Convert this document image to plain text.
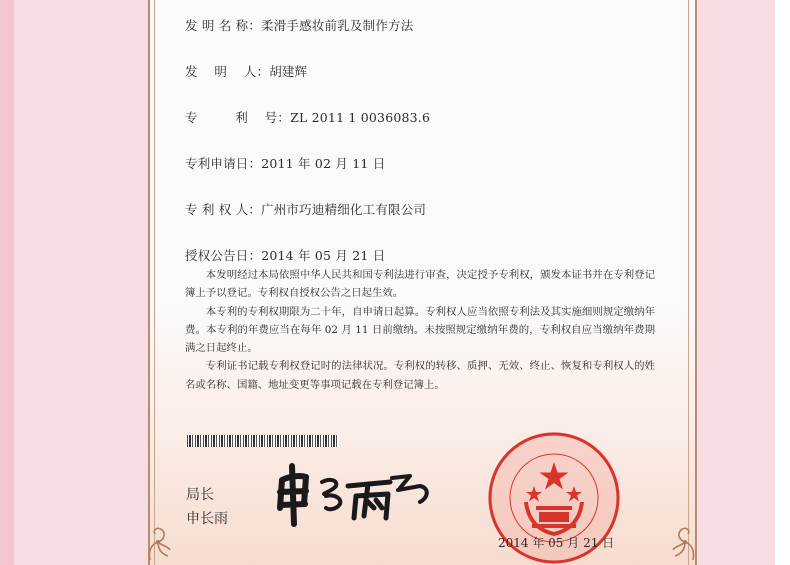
发 明 名 称：柔滑手感妆前乳及制作方法
发    明    人：胡建辉
专         利    号：ZL 2011 1 0036083.6
专利申请日：2011 年 02 月 11 日
专 利 权 人：广州市巧迪精细化工有限公司
授权公告日：2014 年 05 月 21 日

本发明经过本局依照中华人民共和国专利法进行审查，决定授予专利权，颁发本证书并在专利登记簿上予以登记。专利权自授权公告之日起生效。

本专利的专利权期限为二十年，自申请日起算。专利权人应当依照专利法及其实施细则规定缴纳年费。本专利的年费应当在每年 02 月 11 日前缴纳。未按照规定缴纳年费的，专利权自应当缴纳年费期满之日起终止。

专利证书记载专利权登记时的法律状况。专利权的转移、质押、无效、终止、恢复和专利权人的姓名或名称、国籍、地址变更等事项记载在专利登记簿上。

局长
申长雨
2014 年 05 月 21 日
